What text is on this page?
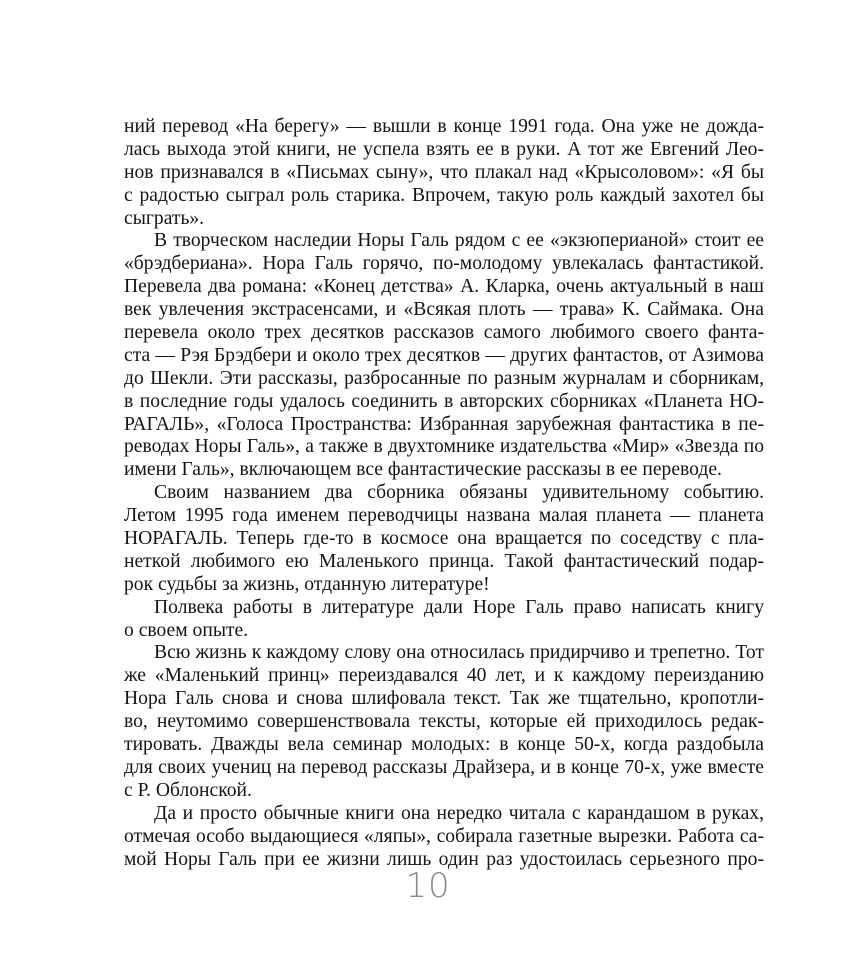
ний перевод «На берегу» — вышли в конце 1991 года. Она уже не дожда-
лась выхода этой книги, не успела взять ее в руки. А тот же Евгений Лео-
нов признавался в «Письмах сыну», что плакал над «Крысоловом»: «Я бы
с радостью сыграл роль старика. Впрочем, такую роль каждый захотел бы
сыграть».
В творческом наследии Норы Галь рядом с ее «экзюпериaной» стоит ее
«брэдбериана». Нора Галь горячо, по-молодому увлекалась фантастикой.
Перевела два романа: «Конец детства» А. Кларка, очень актуальный в наш
век увлечения экстрасенсами, и «Всякая плоть — трава» К. Саймака. Она
перевела около трех десятков рассказов самого любимого своего фанта-
ста — Рэя Брэдбери и около трех десятков — других фантастов, от Азимова
до Шекли. Эти рассказы, разбросанные по разным журналам и сборникам,
в последние годы удалось соединить в авторских сборниках «Планета НО-
РАГАЛЬ», «Голоса Пространства: Избранная зарубежная фантастика в пе-
реводах Норы Галь», а также в двухтомнике издательства «Мир» «Звезда по
имени Галь», включающем все фантастические рассказы в ее переводе.
Своим названием два сборника обязаны удивительному событию.
Летом 1995 года именем переводчицы названа малая планета — планета
НОРАГАЛЬ. Теперь где-то в космосе она вращается по соседству с пла-
неткой любимого ею Маленького принца. Такой фантастический подар-
рок судьбы за жизнь, отданную литературе!
Полвека работы в литературе дали Норе Галь право написать книгу
о своем опыте.
Всю жизнь к каждому слову она относилась придирчиво и трепетно. Тот
же «Маленький принц» переиздавался 40 лет, и к каждому переизданию
Нора Галь снова и снова шлифовала текст. Так же тщательно, кропотли-
во, неутомимо совершенствовала тексты, которые ей приходилось редак-
тировать. Дважды вела семинар молодых: в конце 50-х, когда раздобыла
для своих учениц на перевод рассказы Драйзера, и в конце 70-х, уже вместе
с Р. Облонской.
Да и просто обычные книги она нередко читала с карандашом в руках,
отмечая особо выдающиеся «ляпы», собирала газетные вырезки. Работа са-
мой Норы Галь при ее жизни лишь один раз удостоилась серьезного про-
10
